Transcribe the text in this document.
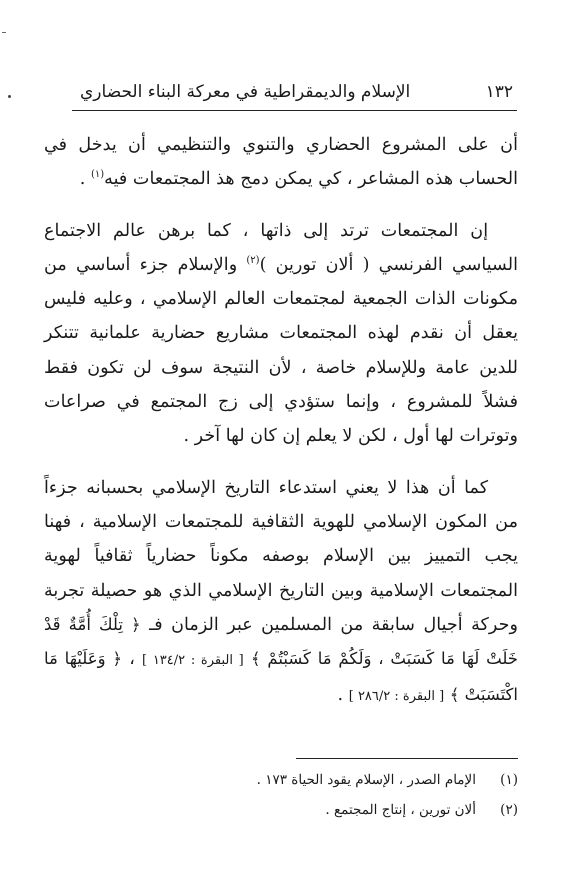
١٣٢
الإسلام والديمقراطية في معركة البناء الحضاري

أن على المشروع الحضاري والتنوي والتنظيمي أن يدخل في الحساب هذه المشاعر ، كي يمكن دمج هذ المجتمعات فيه$^{(١)}$ .

إن المجتمعات ترتد إلى ذاتها ، كما برهن عالم الاجتماع السياسي الفرنسي ( ألان تورين )$^{(٢)}$ والإسلام جزء أساسي من مكونات الذات الجمعية لمجتمعات العالم الإسلامي ، وعليه فليس يعقل أن نقدم لهذه المجتمعات مشاريع حضارية علمانية تتنكر للدين عامة وللإسلام خاصة ، لأن النتيجة سوف لن تكون فقط فشلاً للمشروع ، وإنما ستؤدي إلى زج المجتمع في صراعات وتوترات لها أول ، لكن لا يعلم إن كان لها آخر .

كما أن هذا لا يعني استدعاء التاريخ الإسلامي بحسبانه جزءاً من المكون الإسلامي للهوية الثقافية للمجتمعات الإسلامية ، فهنا يجب التمييز بين الإسلام بوصفه مكوناً حضارياً ثقافياً لهوية المجتمعات الإسلامية وبين التاريخ الإسلامي الذي هو حصيلة تجربة وحركة أجيال سابقة من المسلمين عبر الزمان فـ ﴿ تِلْكَ أُمَّةٌ قَدْ خَلَتْ لَهَا مَا كَسَبَتْ ، وَلَكُمْ مَا كَسَبْتُمْ ﴾ [ البقرة : ١٣٤/٢ ] ، ﴿ وَعَلَيْهَا مَا اكْتَسَبَتْ ﴾ [ البقرة : ٢٨٦/٢ ] .

(١)الإمام الصدر ، الإسلام يقود الحياة ١٧٣ .
(٢)ألان تورين ، إنتاج المجتمع .
